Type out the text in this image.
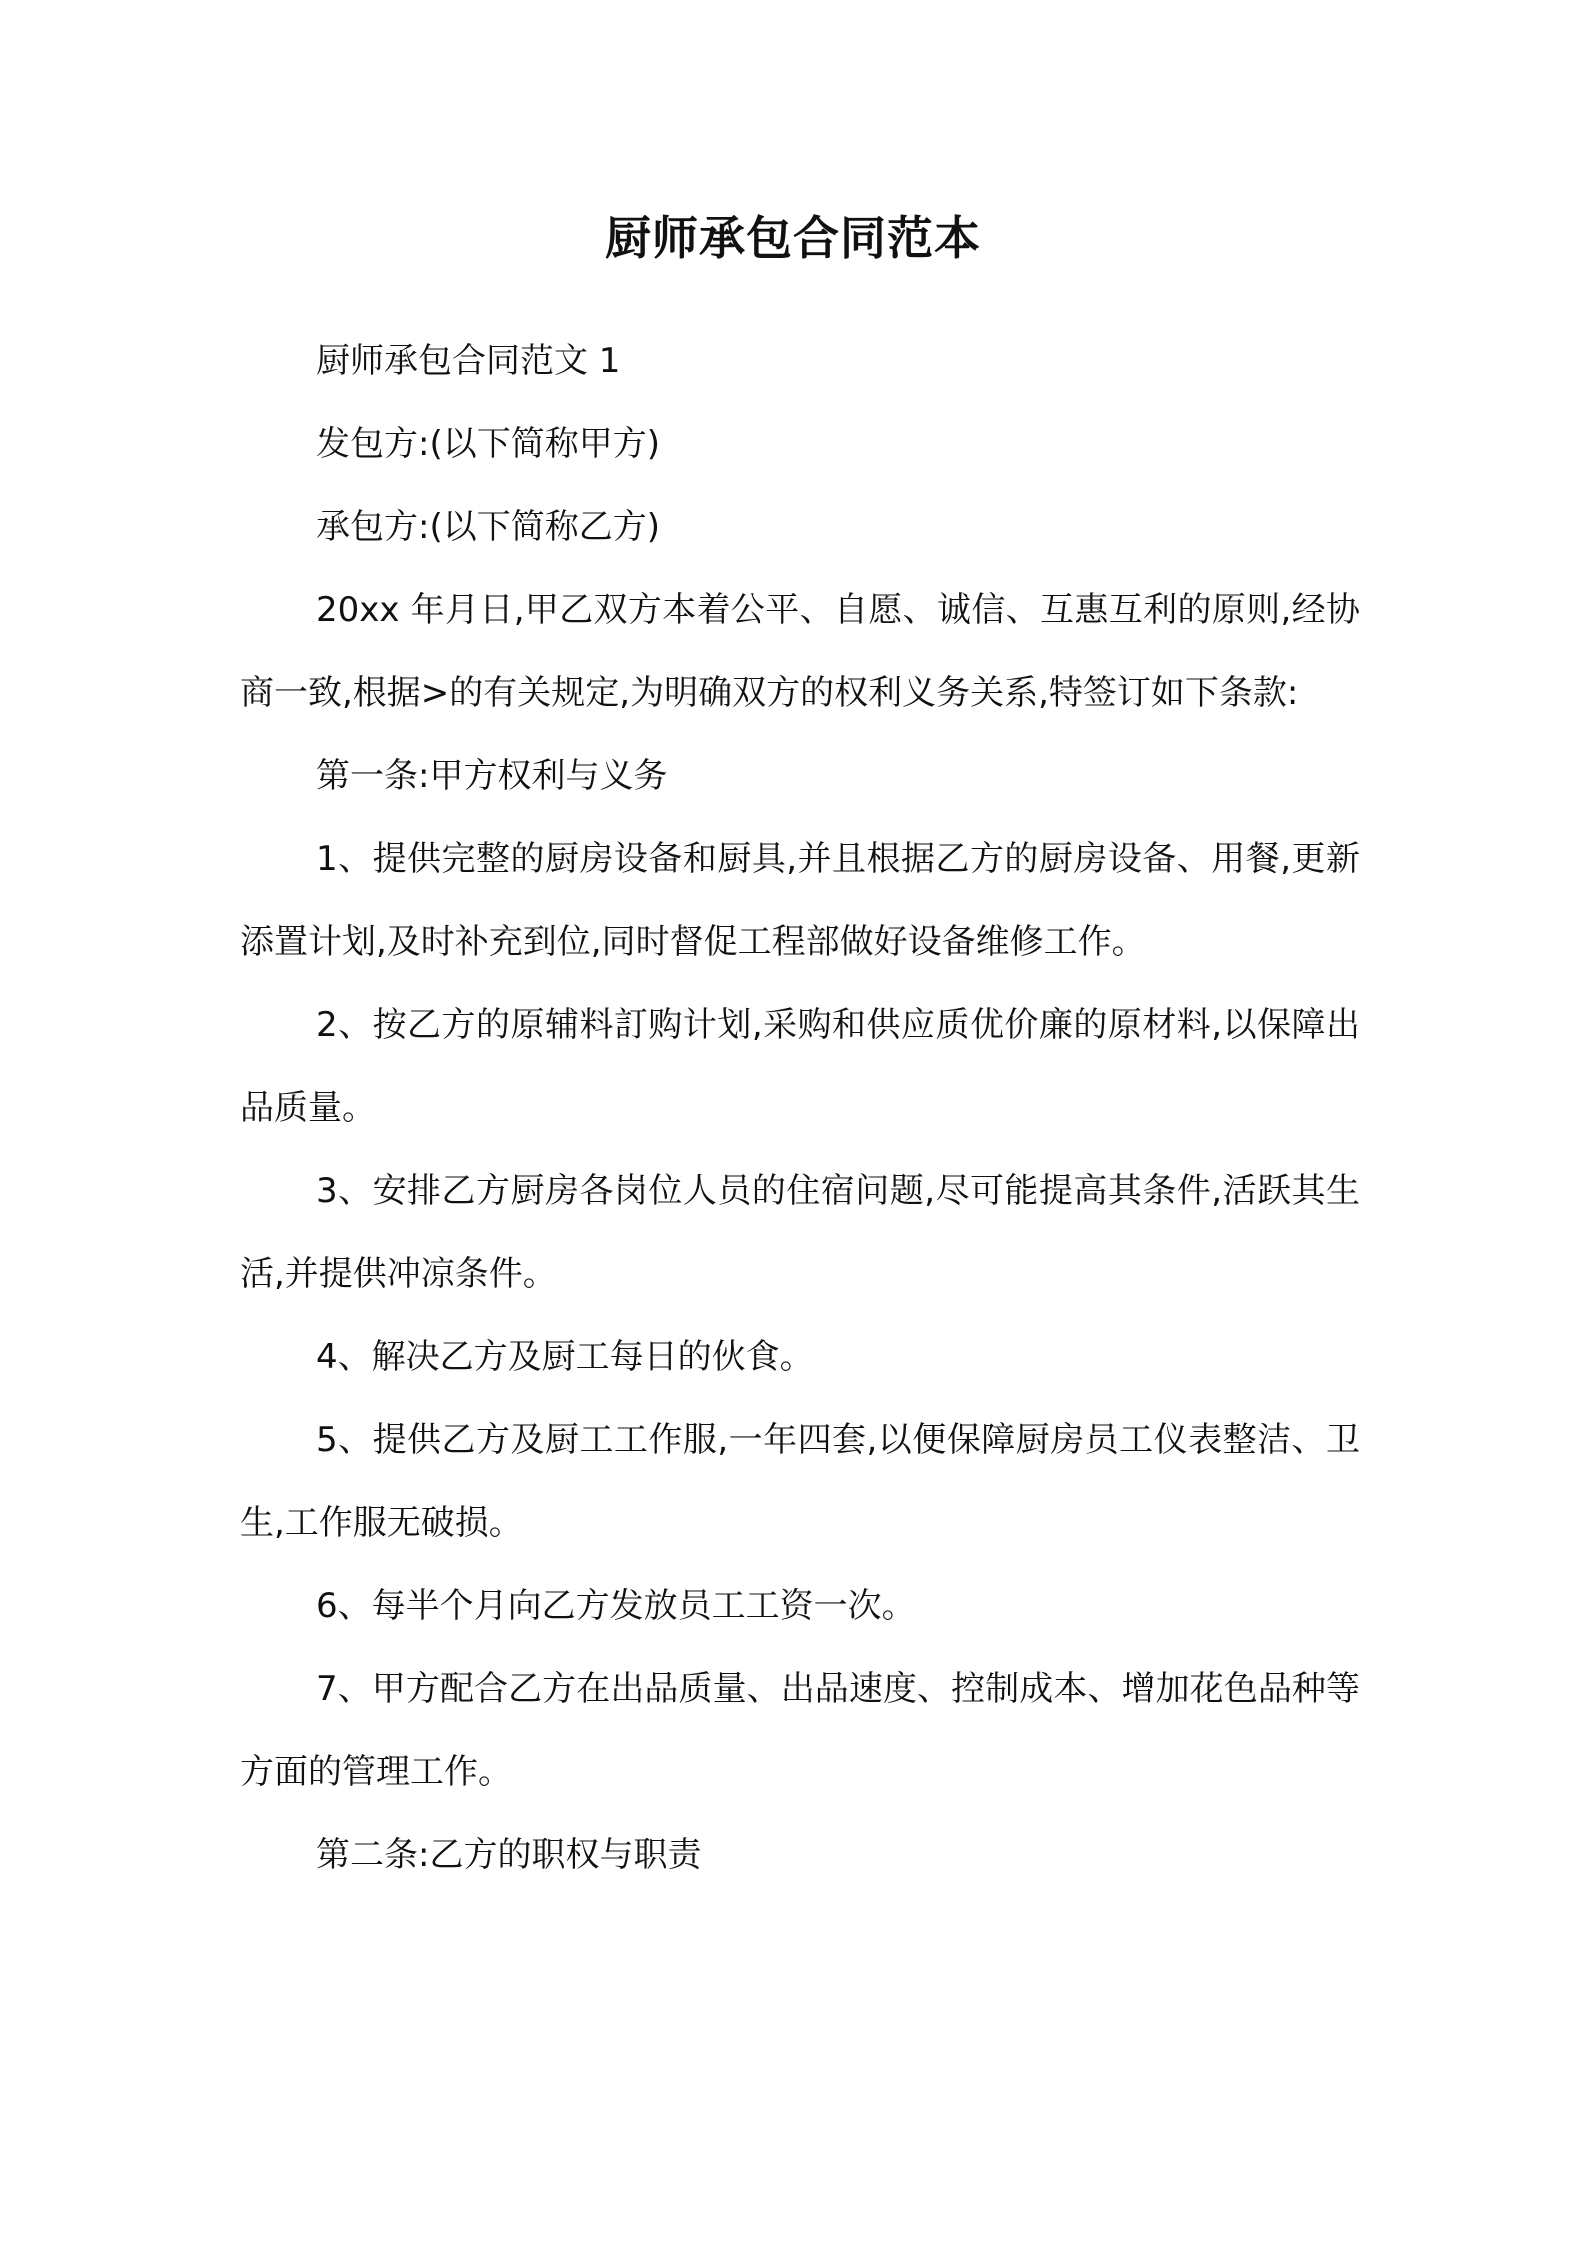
厨师承包合同范本

厨师承包合同范文 1

发包方:(以下简称甲方)

承包方:(以下简称乙方)

20xx 年月日,甲乙双方本着公平、自愿、诚信、互惠互利的原则,经协商一致,根据>的有关规定,为明确双方的权利义务关系,特签订如下条款:

第一条:甲方权利与义务

1、提供完整的厨房设备和厨具,并且根据乙方的厨房设备、用餐,更新添置计划,及时补充到位,同时督促工程部做好设备维修工作。

2、按乙方的原辅料訂购计划,采购和供应质优价廉的原材料,以保障出品质量。

3、安排乙方厨房各岗位人员的住宿问题,尽可能提高其条件,活跃其生活,并提供冲凉条件。

4、解决乙方及厨工每日的伙食。

5、提供乙方及厨工工作服,一年四套,以便保障厨房员工仪表整洁、卫生,工作服无破损。

6、每半个月向乙方发放员工工资一次。

7、甲方配合乙方在出品质量、出品速度、控制成本、增加花色品种等方面的管理工作。

第二条:乙方的职权与职责
